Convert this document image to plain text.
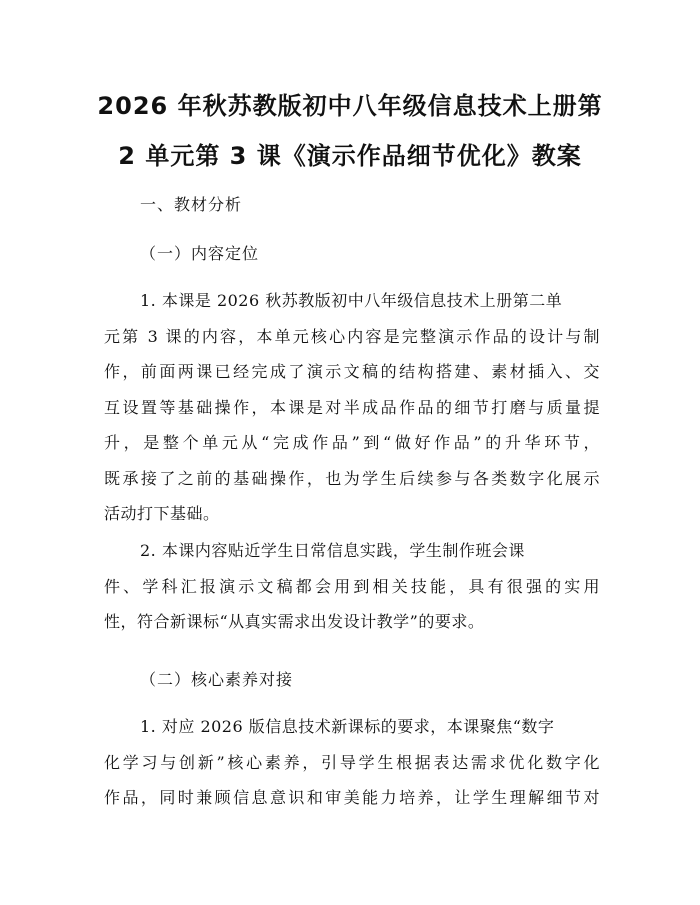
2026 年秋苏教版初中八年级信息技术上册第
2 单元第 3 课《演示作品细节优化》教案
一、教材分析
（一）内容定位
1. 本课是 2026 秋苏教版初中八年级信息技术上册第二单
元第 3 课的内容，本单元核心内容是完整演示作品的设计与制
作，前面两课已经完成了演示文稿的结构搭建、素材插入、交
互设置等基础操作，本课是对半成品作品的细节打磨与质量提
升，是整个单元从“完成作品”到“做好作品”的升华环节，
既承接了之前的基础操作，也为学生后续参与各类数字化展示
活动打下基础。
2. 本课内容贴近学生日常信息实践，学生制作班会课
件、学科汇报演示文稿都会用到相关技能，具有很强的实用
性，符合新课标“从真实需求出发设计教学”的要求。
（二）核心素养对接
1. 对应 2026 版信息技术新课标的要求，本课聚焦“数字
化学习与创新”核心素养，引导学生根据表达需求优化数字化
作品，同时兼顾信息意识和审美能力培养，让学生理解细节对
